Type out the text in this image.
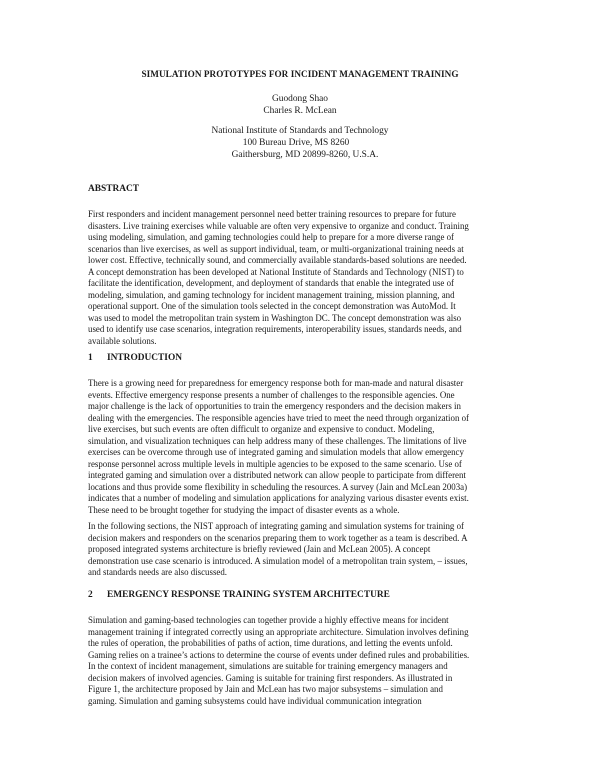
SIMULATION PROTOTYPES FOR INCIDENT MANAGEMENT TRAINING
Guodong Shao
Charles R. McLean
National Institute of Standards and Technology
100 Bureau Drive, MS 8260
Gaithersburg, MD 20899-8260, U.S.A.
ABSTRACT

First responders and incident management personnel need better training resources to prepare for future
disasters. Live training exercises while valuable are often very expensive to organize and conduct. Training
using modeling, simulation, and gaming technologies could help to prepare for a more diverse range of
scenarios than live exercises, as well as support individual, team, or multi-organizational training needs at
lower cost. Effective, technically sound, and commercially available standards-based solutions are needed.
A concept demonstration has been developed at National Institute of Standards and Technology (NIST) to
facilitate the identification, development, and deployment of standards that enable the integrated use of
modeling, simulation, and gaming technology for incident management training, mission planning, and
operational support. One of the simulation tools selected in the concept demonstration was AutoMod. It
was used to model the metropolitan train system in Washington DC. The concept demonstration was also
used to identify use case scenarios, integration requirements, interoperability issues, standards needs, and
available solutions.

1 INTRODUCTION

There is a growing need for preparedness for emergency response both for man-made and natural disaster
events. Effective emergency response presents a number of challenges to the responsible agencies. One
major challenge is the lack of opportunities to train the emergency responders and the decision makers in
dealing with the emergencies. The responsible agencies have tried to meet the need through organization of
live exercises, but such events are often difficult to organize and expensive to conduct. Modeling,
simulation, and visualization techniques can help address many of these challenges. The limitations of live
exercises can be overcome through use of integrated gaming and simulation models that allow emergency
response personnel across multiple levels in multiple agencies to be exposed to the same scenario. Use of
integrated gaming and simulation over a distributed network can allow people to participate from different
locations and thus provide some flexibility in scheduling the resources. A survey (Jain and McLean 2003a)
indicates that a number of modeling and simulation applications for analyzing various disaster events exist.
These need to be brought together for studying the impact of disaster events as a whole.

In the following sections, the NIST approach of integrating gaming and simulation systems for training of
decision makers and responders on the scenarios preparing them to work together as a team is described. A
proposed integrated systems architecture is briefly reviewed (Jain and McLean 2005). A concept
demonstration use case scenario is introduced. A simulation model of a metropolitan train system, – issues,
and standards needs are also discussed.

2 EMERGENCY RESPONSE TRAINING SYSTEM ARCHITECTURE

Simulation and gaming-based technologies can together provide a highly effective means for incident
management training if integrated correctly using an appropriate architecture. Simulation involves defining
the rules of operation, the probabilities of paths of action, time durations, and letting the events unfold.
Gaming relies on a trainee’s actions to determine the course of events under defined rules and probabilities.
In the context of incident management, simulations are suitable for training emergency managers and
decision makers of involved agencies. Gaming is suitable for training first responders. As illustrated in
Figure 1, the architecture proposed by Jain and McLean has two major subsystems – simulation and
gaming. Simulation and gaming subsystems could have individual communication integration
